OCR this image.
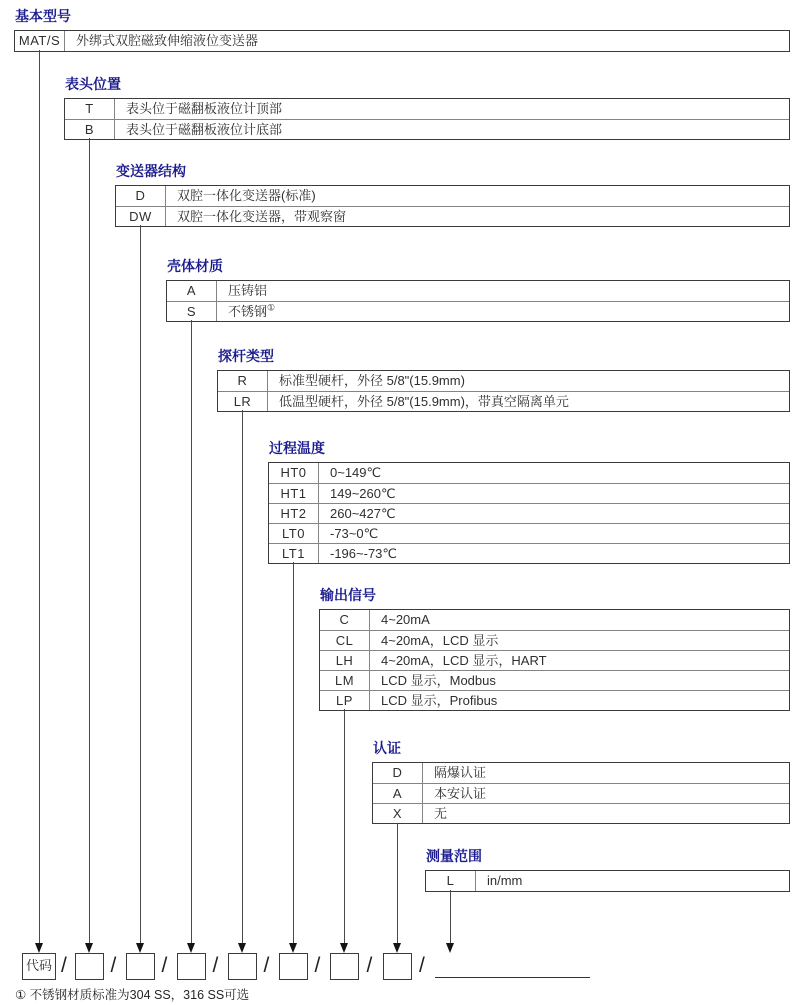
基本型号
MAT/S	外绑式双腔磁致伸缩液位变送器
表头位置
T	表头位于磁翻板液位计顶部
B	表头位于磁翻板液位计底部
变送器结构
D	双腔一体化变送器(标准)
DW	双腔一体化变送器，带观察窗
壳体材质
A	压铸铝
S	不锈钢①
探杆类型
R	标准型硬杆，外径 5/8"(15.9mm)
LR	低温型硬杆，外径 5/8"(15.9mm)，带真空隔离单元
过程温度
HT0	0~149℃
HT1	149~260℃
HT2	260~427℃
LT0	-73~0℃
LT1	-196~-73℃
输出信号
C	4~20mA
CL	4~20mA，LCD 显示
LH	4~20mA，LCD 显示，HART
LM	LCD 显示，Modbus
LP	LCD 显示，Profibus
认证
D	隔爆认证
A	本安认证
X	无
测量范围
L	in/mm
代码 / / / / / / / /
① 不锈钢材质标准为304 SS，316 SS可选
